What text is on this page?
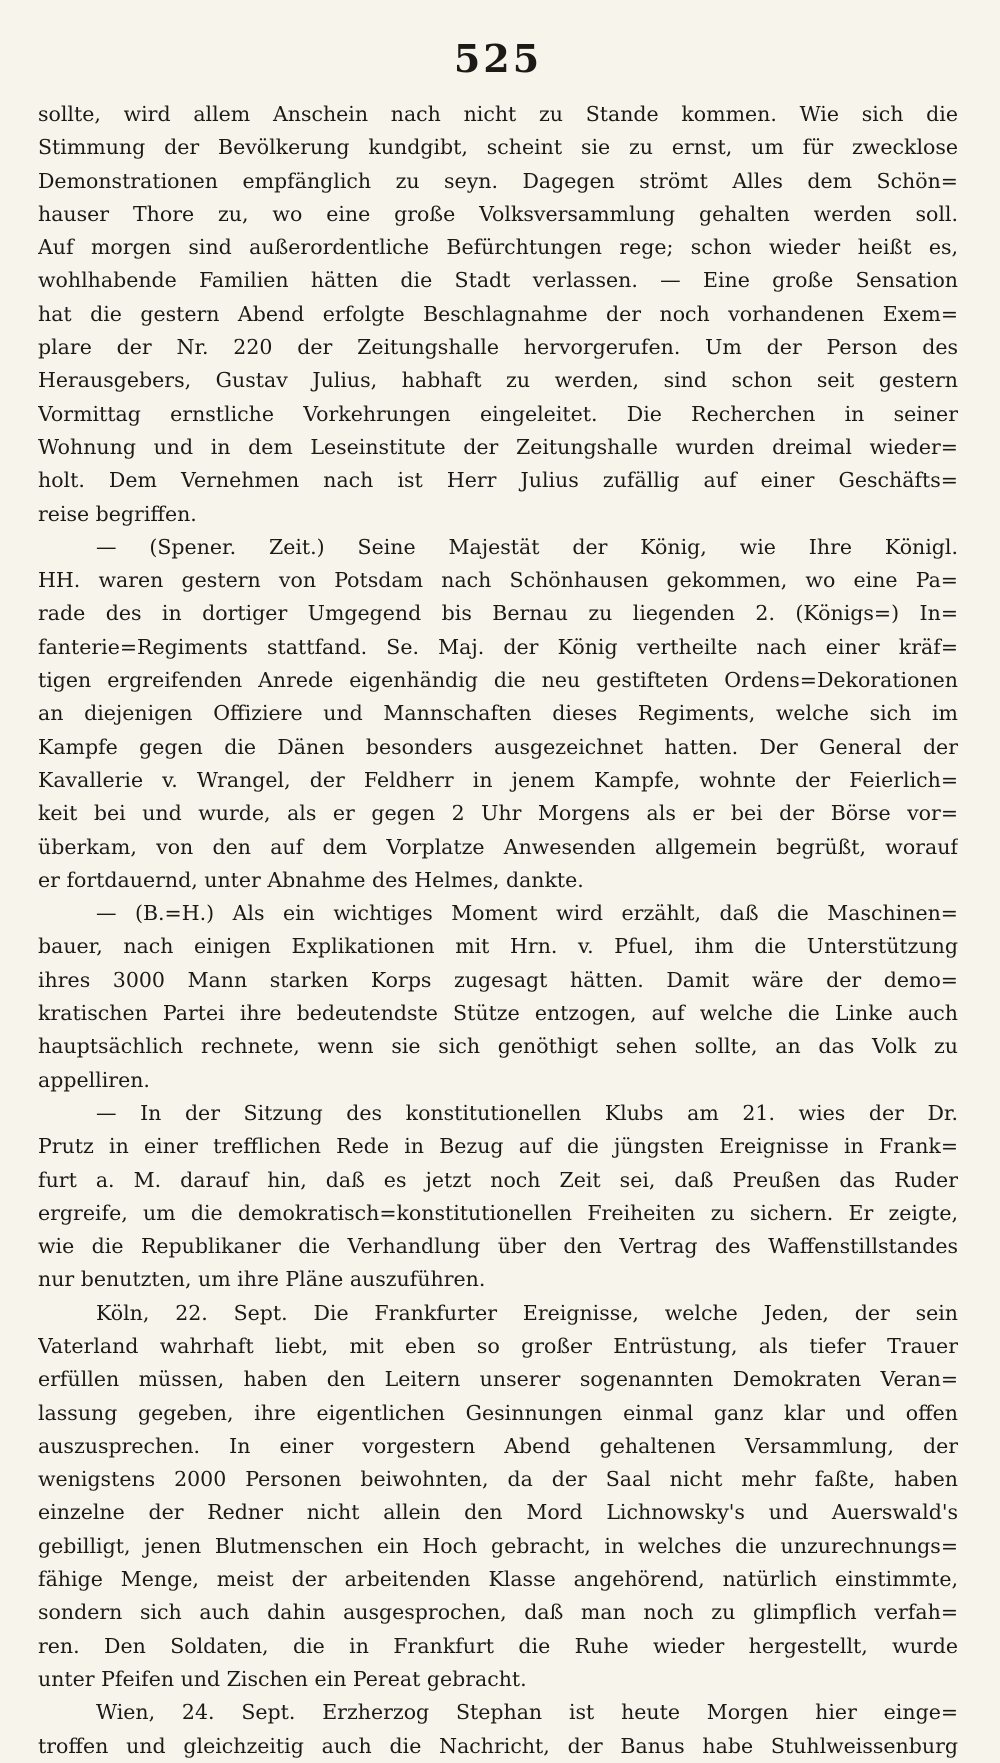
525
sollte, wird allem Anschein nach nicht zu Stande kommen. Wie sich die
Stimmung der Bevölkerung kundgibt, scheint sie zu ernst, um für zwecklose
Demonstrationen empfänglich zu seyn. Dagegen strömt Alles dem Schön=
hauser Thore zu, wo eine große Volksversammlung gehalten werden soll.
Auf morgen sind außerordentliche Befürchtungen rege; schon wieder heißt es,
wohlhabende Familien hätten die Stadt verlassen. — Eine große Sensation
hat die gestern Abend erfolgte Beschlagnahme der noch vorhandenen Exem=
plare der Nr. 220 der Zeitungshalle hervorgerufen. Um der Person des
Herausgebers, Gustav Julius, habhaft zu werden, sind schon seit gestern
Vormittag ernstliche Vorkehrungen eingeleitet. Die Recherchen in seiner
Wohnung und in dem Leseinstitute der Zeitungshalle wurden dreimal wieder=
holt. Dem Vernehmen nach ist Herr Julius zufällig auf einer Geschäfts=
reise begriffen.
— (Spener. Zeit.) Seine Majestät der König, wie Ihre Königl.
HH. waren gestern von Potsdam nach Schönhausen gekommen, wo eine Pa=
rade des in dortiger Umgegend bis Bernau zu liegenden 2. (Königs=) In=
fanterie=Regiments stattfand. Se. Maj. der König vertheilte nach einer kräf=
tigen ergreifenden Anrede eigenhändig die neu gestifteten Ordens=Dekorationen
an diejenigen Offiziere und Mannschaften dieses Regiments, welche sich im
Kampfe gegen die Dänen besonders ausgezeichnet hatten. Der General der
Kavallerie v. Wrangel, der Feldherr in jenem Kampfe, wohnte der Feierlich=
keit bei und wurde, als er gegen 2 Uhr Morgens als er bei der Börse vor=
überkam, von den auf dem Vorplatze Anwesenden allgemein begrüßt, worauf
er fortdauernd, unter Abnahme des Helmes, dankte.
— (B.=H.) Als ein wichtiges Moment wird erzählt, daß die Maschinen=
bauer, nach einigen Explikationen mit Hrn. v. Pfuel, ihm die Unterstützung
ihres 3000 Mann starken Korps zugesagt hätten. Damit wäre der demo=
kratischen Partei ihre bedeutendste Stütze entzogen, auf welche die Linke auch
hauptsächlich rechnete, wenn sie sich genöthigt sehen sollte, an das Volk zu
appelliren.
— In der Sitzung des konstitutionellen Klubs am 21. wies der Dr.
Prutz in einer trefflichen Rede in Bezug auf die jüngsten Ereignisse in Frank=
furt a. M. darauf hin, daß es jetzt noch Zeit sei, daß Preußen das Ruder
ergreife, um die demokratisch=konstitutionellen Freiheiten zu sichern. Er zeigte,
wie die Republikaner die Verhandlung über den Vertrag des Waffenstillstandes
nur benutzten, um ihre Pläne auszuführen.
Köln, 22. Sept. Die Frankfurter Ereignisse, welche Jeden, der sein
Vaterland wahrhaft liebt, mit eben so großer Entrüstung, als tiefer Trauer
erfüllen müssen, haben den Leitern unserer sogenannten Demokraten Veran=
lassung gegeben, ihre eigentlichen Gesinnungen einmal ganz klar und offen
auszusprechen. In einer vorgestern Abend gehaltenen Versammlung, der
wenigstens 2000 Personen beiwohnten, da der Saal nicht mehr faßte, haben
einzelne der Redner nicht allein den Mord Lichnowsky's und Auerswald's
gebilligt, jenen Blutmenschen ein Hoch gebracht, in welches die unzurechnungs=
fähige Menge, meist der arbeitenden Klasse angehörend, natürlich einstimmte,
sondern sich auch dahin ausgesprochen, daß man noch zu glimpflich verfah=
ren. Den Soldaten, die in Frankfurt die Ruhe wieder hergestellt, wurde
unter Pfeifen und Zischen ein Pereat gebracht.
Wien, 24. Sept. Erzherzog Stephan ist heute Morgen hier einge=
troffen und gleichzeitig auch die Nachricht, der Banus habe Stuhlweissenburg
